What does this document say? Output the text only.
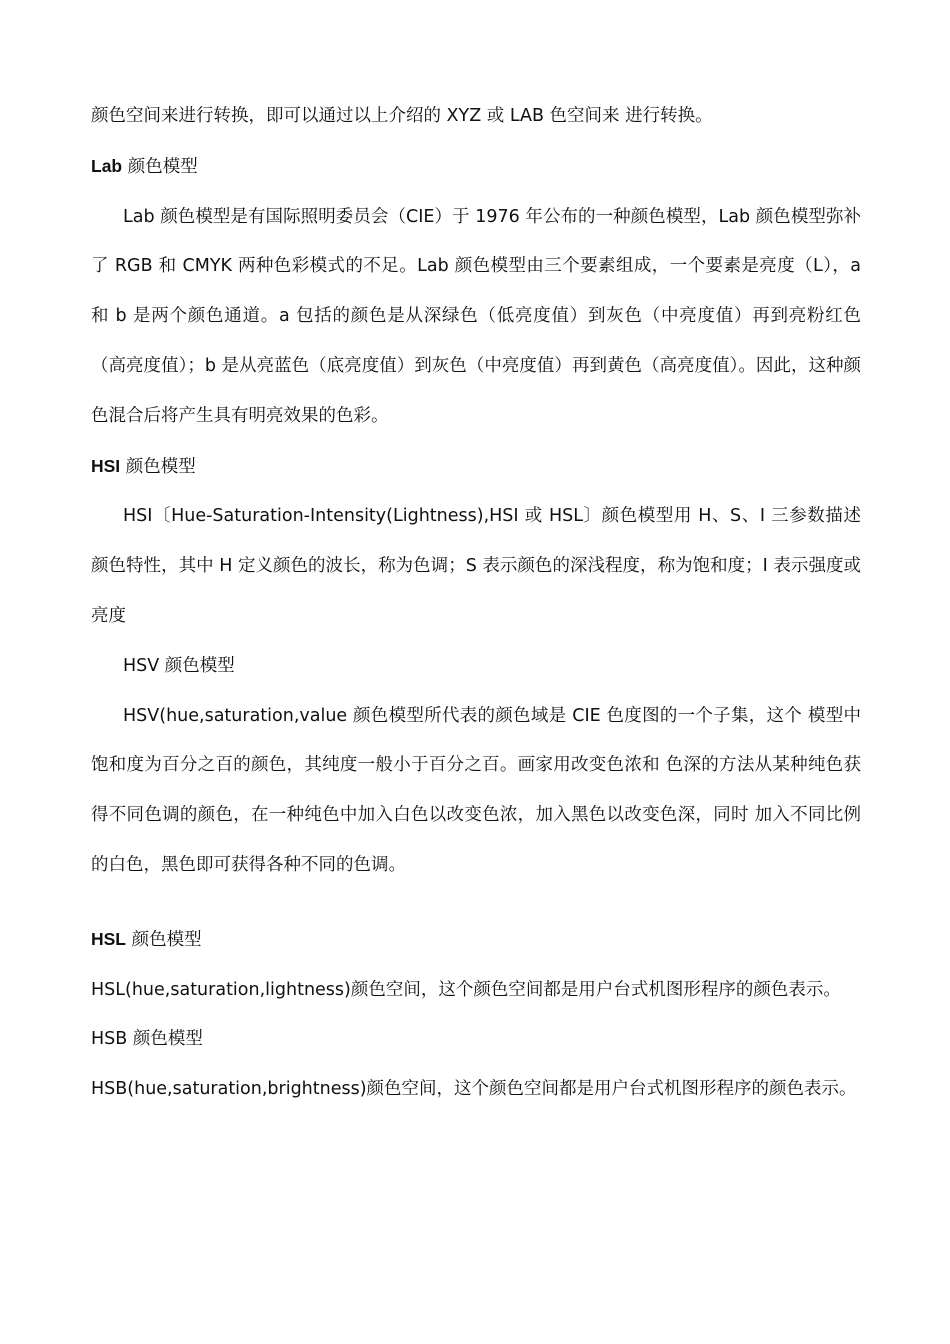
颜色空间来进行转换，即可以通过以上介绍的 XYZ 或 LAB 色空间来 进行转换。

Lab 颜色模型

Lab 颜色模型是有国际照明委员会（CIE）于 1976 年公布的一种颜色模型，Lab 颜色模型弥补了 RGB 和 CMYK 两种色彩模式的不足。Lab 颜色模型由三个要素组成，一个要素是亮度（L），a 和 b 是两个颜色通道。a 包括的颜色是从深绿色（低亮度值）到灰色（中亮度值）再到亮粉红色（高亮度值）；b 是从亮蓝色（底亮度值）到灰色（中亮度值）再到黄色（高亮度值）。因此，这种颜色混合后将产生具有明亮效果的色彩。

HSI 颜色模型

HSI〔Hue-Saturation-Intensity(Lightness),HSI 或 HSL〕颜色模型用 H、S、I 三参数描述颜色特性，其中 H 定义颜色的波长，称为色调；S 表示颜色的深浅程度，称为饱和度；I 表示强度或亮度

HSV 颜色模型

HSV(hue,saturation,value 颜色模型所代表的颜色域是 CIE 色度图的一个子集，这个 模型中饱和度为百分之百的颜色，其纯度一般小于百分之百。画家用改变色浓和 色深的方法从某种纯色获得不同色调的颜色，在一种纯色中加入白色以改变色浓，加入黑色以改变色深，同时 加入不同比例的白色，黑色即可获得各种不同的色调。

HSL 颜色模型

HSL(hue,saturation,lightness)颜色空间，这个颜色空间都是用户台式机图形程序的颜色表示。

HSB 颜色模型

HSB(hue,saturation,brightness)颜色空间，这个颜色空间都是用户台式机图形程序的颜色表示。
